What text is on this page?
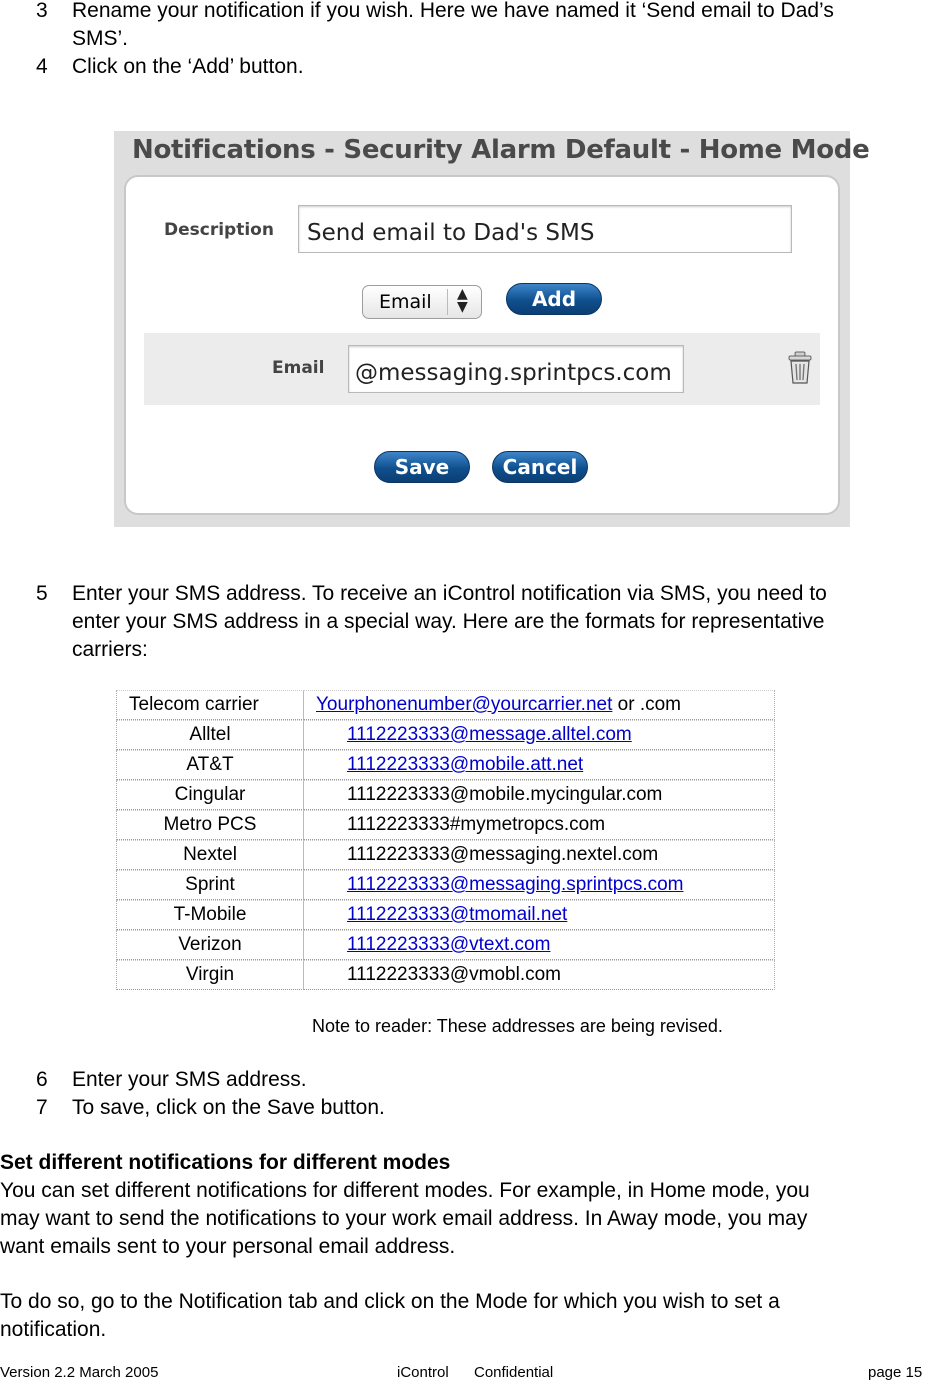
3 Rename your notification if you wish. Here we have named it ‘Send email to Dad’s
SMS’.
4 Click on the ‘Add’ button.
Notifications - Security Alarm Default - Home Mode
Description	Send email to Dad's SMS
Email ▲
▼	Add
Email	@messaging.sprintpcs.com
Save	Cancel
5 Enter your SMS address. To receive an iControl notification via SMS, you need to
enter your SMS address in a special way. Here are the formats for representative
carriers:
Telecom carrier	Yourphonenumber@yourcarrier.net or .com
Alltel	1112223333@message.alltel.com
AT&T	1112223333@mobile.att.net
Cingular	1112223333@mobile.mycingular.com
Metro PCS	1112223333#mymetropcs.com
Nextel	1112223333@messaging.nextel.com
Sprint	1112223333@messaging.sprintpcs.com
T-Mobile	1112223333@tmomail.net
Verizon	1112223333@vtext.com
Virgin	1112223333@vmobl.com
Note to reader: These addresses are being revised.
6 Enter your SMS address.
7 To save, click on the Save button.
Set different notifications for different modes
You can set different notifications for different modes. For example, in Home mode, you
may want to send the notifications to your work email address. In Away mode, you may
want emails sent to your personal email address.
To do so, go to the Notification tab and click on the Mode for which you wish to set a
notification.
Version 2.2 March 2005	iControl Confidential	page 15
